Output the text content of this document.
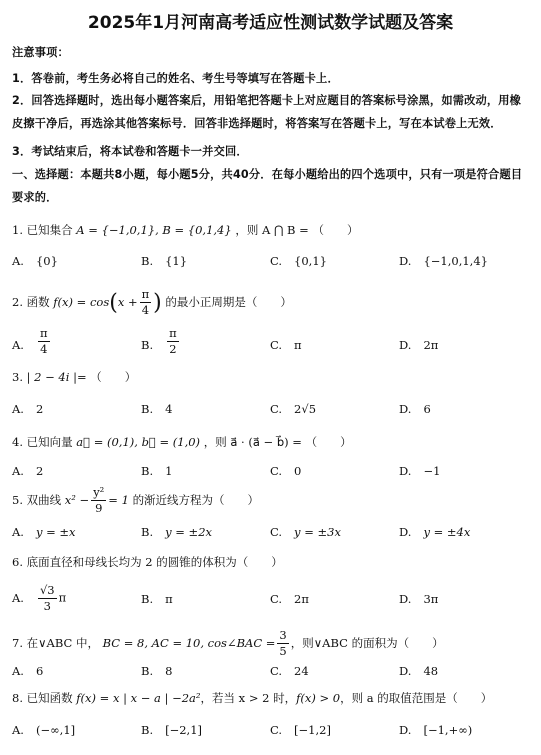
2025年1月河南高考适应性测试数学试题及答案
注意事项：
1．答卷前，考生务必将自己的姓名、考生号等填写在答题卡上．
2．回答选择题时，选出每小题答案后，用铅笔把答题卡上对应题目的答案标号涂黑，如需改动，用橡皮擦干净后，再选涂其他答案标号．回答非选择题时，将答案写在答题卡上，写在本试卷上无效．
3．考试结束后，将本试卷和答题卡一并交回．
一、选择题：本题共8小题，每小题5分，共40分．在每小题给出的四个选项中，只有一项是符合题目要求的．
1. 已知集合 A = {−1,0,1}, B = {0,1,4} ，则 A ⋂ B = （　　）
A. {0}	B. {1}	C. {0,1}	D. {−1,0,1,4}
2. 函数 $f(x) = \cos(x + \frac{\pi}{4}$ ) 的最小正周期是（　　）
A. $\frac{\pi}{4}$	B. $\frac{\pi}{2}$	C. π	D. 2π
3. | 2 − 4i |= （　　）
A. 2	B. 4	C. 2√5	D. 6
4. 已知向量 a⃗ = (0,1), b⃗ = (1,0) ，则 a⃗ · (a⃗ − b⃗) = （　　）
A. 2	B. 1	C. 0	D. −1
5. 双曲线 $x^2 - \frac{\text{y²}}{9} = 1$ 的渐近线方程为（　　）
A. y = ±x	B. y = ±2x	C. y = ±3x	D. y = ±4x
6. 底面直径和母线长均为 2 的圆锥的体积为（　　）
A. $\frac{√3}{3}$ π	B. π	C. 2π	D. 3π
7. 在∨ABC 中， BC = 8, AC = 10, cos∠BAC = $\frac{3}{5}$ ，则∨ABC 的面积为（　　）
A. 6	B. 8	C. 24	D. 48
8. 已知函数 f(x) = x | x − a | −2a²，若当 x > 2 时，f(x) > 0，则 a 的取值范围是（　　）
A. (−∞,1]	B. [−2,1]	C. [−1,2]	D. [−1,+∞)
